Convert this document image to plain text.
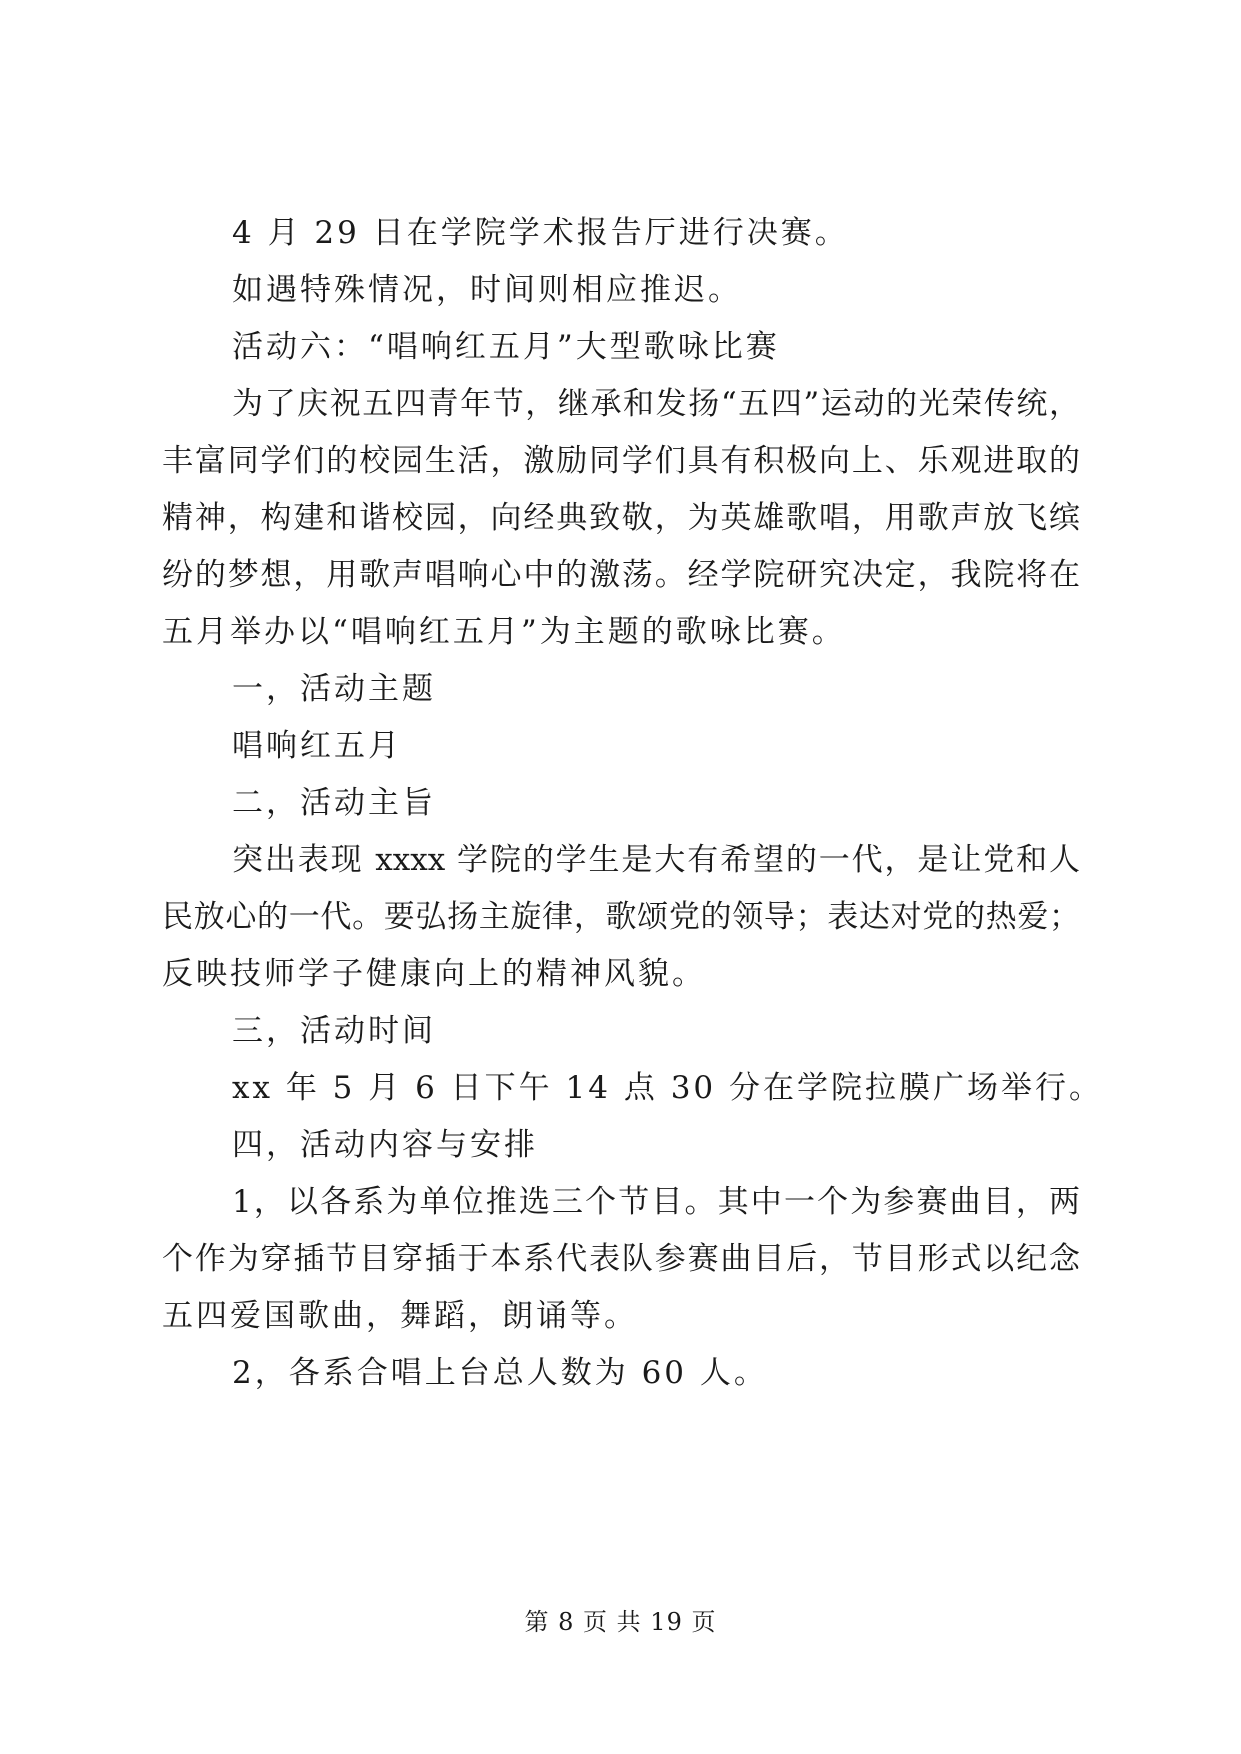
4 月 29 日在学院学术报告厅进行决赛。
如遇特殊情况，时间则相应推迟。
活动六：“唱响红五月”大型歌咏比赛
为了庆祝五四青年节，继承和发扬“五四”运动的光荣传统，
丰富同学们的校园生活，激励同学们具有积极向上、乐观进取的
精神，构建和谐校园，向经典致敬，为英雄歌唱，用歌声放飞缤
纷的梦想，用歌声唱响心中的激荡。经学院研究决定，我院将在
五月举办以“唱响红五月”为主题的歌咏比赛。
一，活动主题
唱响红五月
二，活动主旨
突出表现 xxxx 学院的学生是大有希望的一代，是让党和人
民放心的一代。要弘扬主旋律，歌颂党的领导；表达对党的热爱；
反映技师学子健康向上的精神风貌。
三，活动时间
xx 年 5 月 6 日下午 14 点 30 分在学院拉膜广场举行。
四，活动内容与安排
1，以各系为单位推选三个节目。其中一个为参赛曲目，两
个作为穿插节目穿插于本系代表队参赛曲目后，节目形式以纪念
五四爱国歌曲，舞蹈，朗诵等。
2，各系合唱上台总人数为 60 人。
第 8 页 共 19 页
